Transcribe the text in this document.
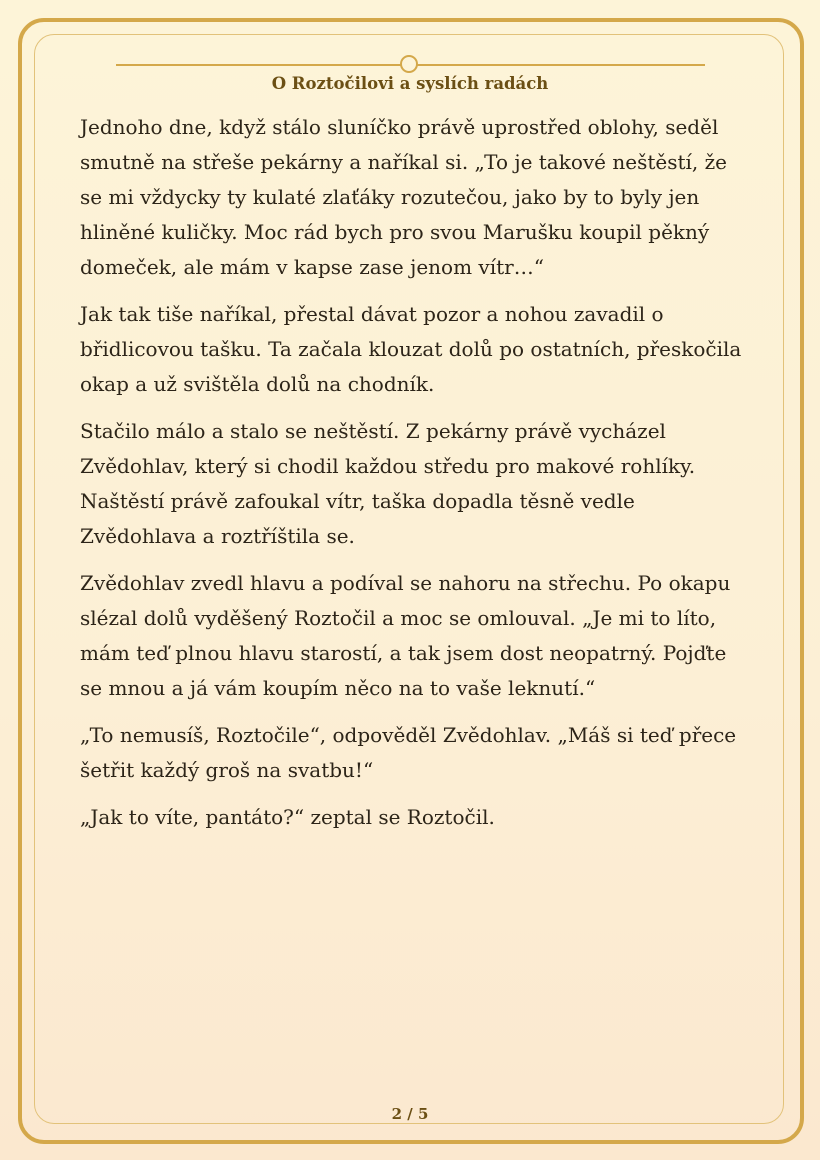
O Roztočilovi a syslích radách

Jednoho dne, když stálo sluníčko právě uprostřed oblohy, seděl smutně na střeše pekárny a naříkal si. „To je takové neštěstí, že se mi vždycky ty kulaté zlaťáky rozutečou, jako by to byly jen hliněné kuličky. Moc rád bych pro svou Marušku koupil pěkný domeček, ale mám v kapse zase jenom vítr…“

Jak tak tiše naříkal, přestal dávat pozor a nohou zavadil o břidlicovou tašku. Ta začala klouzat dolů po ostatních, přeskočila okap a už svištěla dolů na chodník.

Stačilo málo a stalo se neštěstí. Z pekárny právě vycházel Zvědohlav, který si chodil každou středu pro makové rohlíky. Naštěstí právě zafoukal vítr, taška dopadla těsně vedle Zvědohlava a roztříštila se.

Zvědohlav zvedl hlavu a podíval se nahoru na střechu. Po okapu slézal dolů vyděšený Roztočil a moc se omlouval. „Je mi to líto, mám teď plnou hlavu starostí, a tak jsem dost neopatrný. Pojďte se mnou a já vám koupím něco na to vaše leknutí.“

„To nemusíš, Roztočile“, odpověděl Zvědohlav. „Máš si teď přece šetřit každý groš na svatbu!“

„Jak to víte, pantáto?“ zeptal se Roztočil.

2 / 5
